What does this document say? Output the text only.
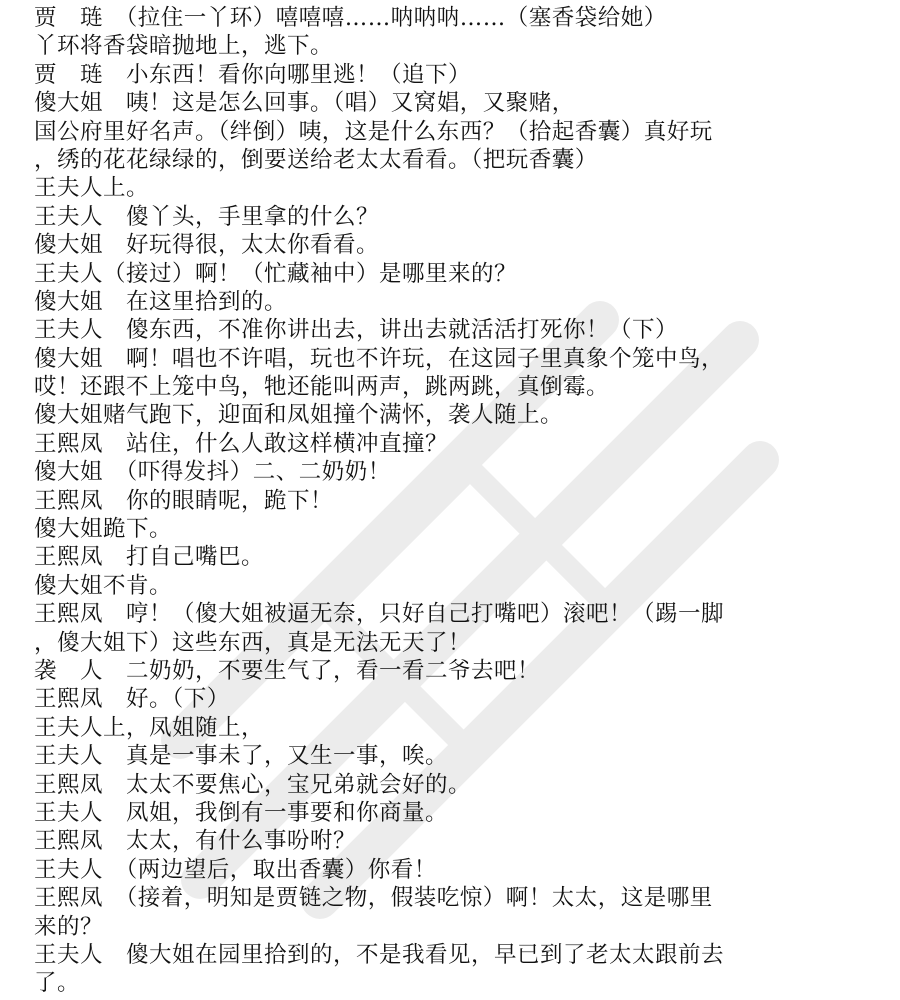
贾　琏　（拉住一丫环）嘻嘻嘻……呐呐呐……（塞香袋给她）
丫环将香袋暗抛地上，逃下。
贾　琏　小东西！看你向哪里逃！（追下）
傻大姐　咦！这是怎么回事。（唱）又窝娼，又聚赌，
国公府里好名声。（绊倒）咦，这是什么东西？（拾起香囊）真好玩
，绣的花花绿绿的，倒要送给老太太看看。（把玩香囊）
王夫人上。
王夫人　傻丫头，手里拿的什么？
傻大姐　好玩得很，太太你看看。
王夫人（接过）啊！（忙藏袖中）是哪里来的？
傻大姐　在这里拾到的。
王夫人　傻东西，不准你讲出去，讲出去就活活打死你！（下）
傻大姐　啊！唱也不许唱，玩也不许玩，在这园子里真象个笼中鸟，
哎！还跟不上笼中鸟，牠还能叫两声，跳两跳，真倒霉。
傻大姐赌气跑下，迎面和凤姐撞个满怀，袭人随上。
王熙凤　站住，什么人敢这样横冲直撞？
傻大姐　（吓得发抖）二、二奶奶！
王熙凤　你的眼睛呢，跪下！
傻大姐跪下。
王熙凤　打自己嘴巴。
傻大姐不肯。
王熙凤　哼！（傻大姐被逼无奈，只好自己打嘴吧）滚吧！（踢一脚
，傻大姐下）这些东西，真是无法无天了！
袭　人　二奶奶，不要生气了，看一看二爷去吧！
王熙凤　好。（下）
王夫人上，凤姐随上，
王夫人　真是一事未了，又生一事，唉。
王熙凤　太太不要焦心，宝兄弟就会好的。
王夫人　凤姐，我倒有一事要和你商量。
王熙凤　太太，有什么事吩咐？
王夫人　（两边望后，取出香囊）你看！
王熙凤　（接着，明知是贾链之物，假装吃惊）啊！太太，这是哪里
来的？
王夫人　傻大姐在园里拾到的，不是我看见，早已到了老太太跟前去
了。
